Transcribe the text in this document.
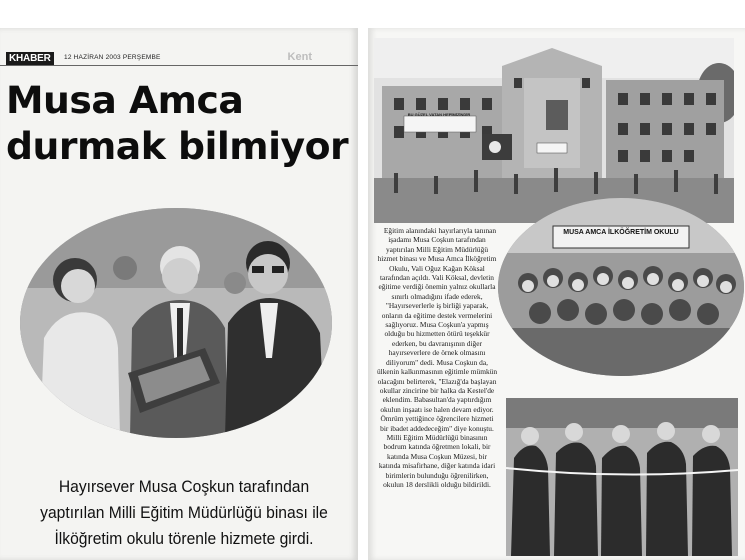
KHABER	12 HAZİRAN 2003 PERŞEMBE	Kent
Musa Amca
durmak bilmiyor
Hayırsever Musa Coşkun tarafından yaptırılan Milli Eğitim Müdürlüğü binası ile İlköğretim okulu törenle hizmete girdi.
BU GÜZEL VATAN HEPİMİZİNDİR
MUSA AMCA İLKÖĞRETİM OKULU

Eğitim alanındaki hayırlarıyla tanınan işadamı Musa Coşkun tarafından yaptırılan Milli Eğitim Müdürlüğü hizmet binası ve Musa Amca İlköğretim Okulu, Vali Oğuz Kağan Köksal tarafından açıldı. Vali Köksal, devletin eğitime verdiği önemin yalnız okullarla sınırlı olmadığını ifade ederek, "Hayırseverlerle iş birliği yaparak, onların da eğitime destek vermelerini sağlıyoruz. Musa Coşkun'a yapmış olduğu bu hizmetten ötürü teşekkür ederken, bu davranışının diğer hayırseverlere de örnek olmasını diliyorum" dedi. Musa Coşkun da, ülkenin kalkınmasının eğitimle mümkün olacağını belirterek, "Elazığ'da başlayan okullar zincirine bir halka da Kestel'de eklendim. Babasultan'da yaptırdığım okulun inşaatı ise halen devam ediyor. Ömrüm yettiğince öğrencilere hizmeti bir ibadet addedeceğim" diye konuştu. Milli Eğitim Müdürlüğü binasının bodrum katında öğretmen lokali, bir katında Musa Coşkun Müzesi, bir katında misafirhane, diğer katında idari birimlerin bulunduğu öğrenilirken, okulun 18 derslikli olduğu bildirildi.
